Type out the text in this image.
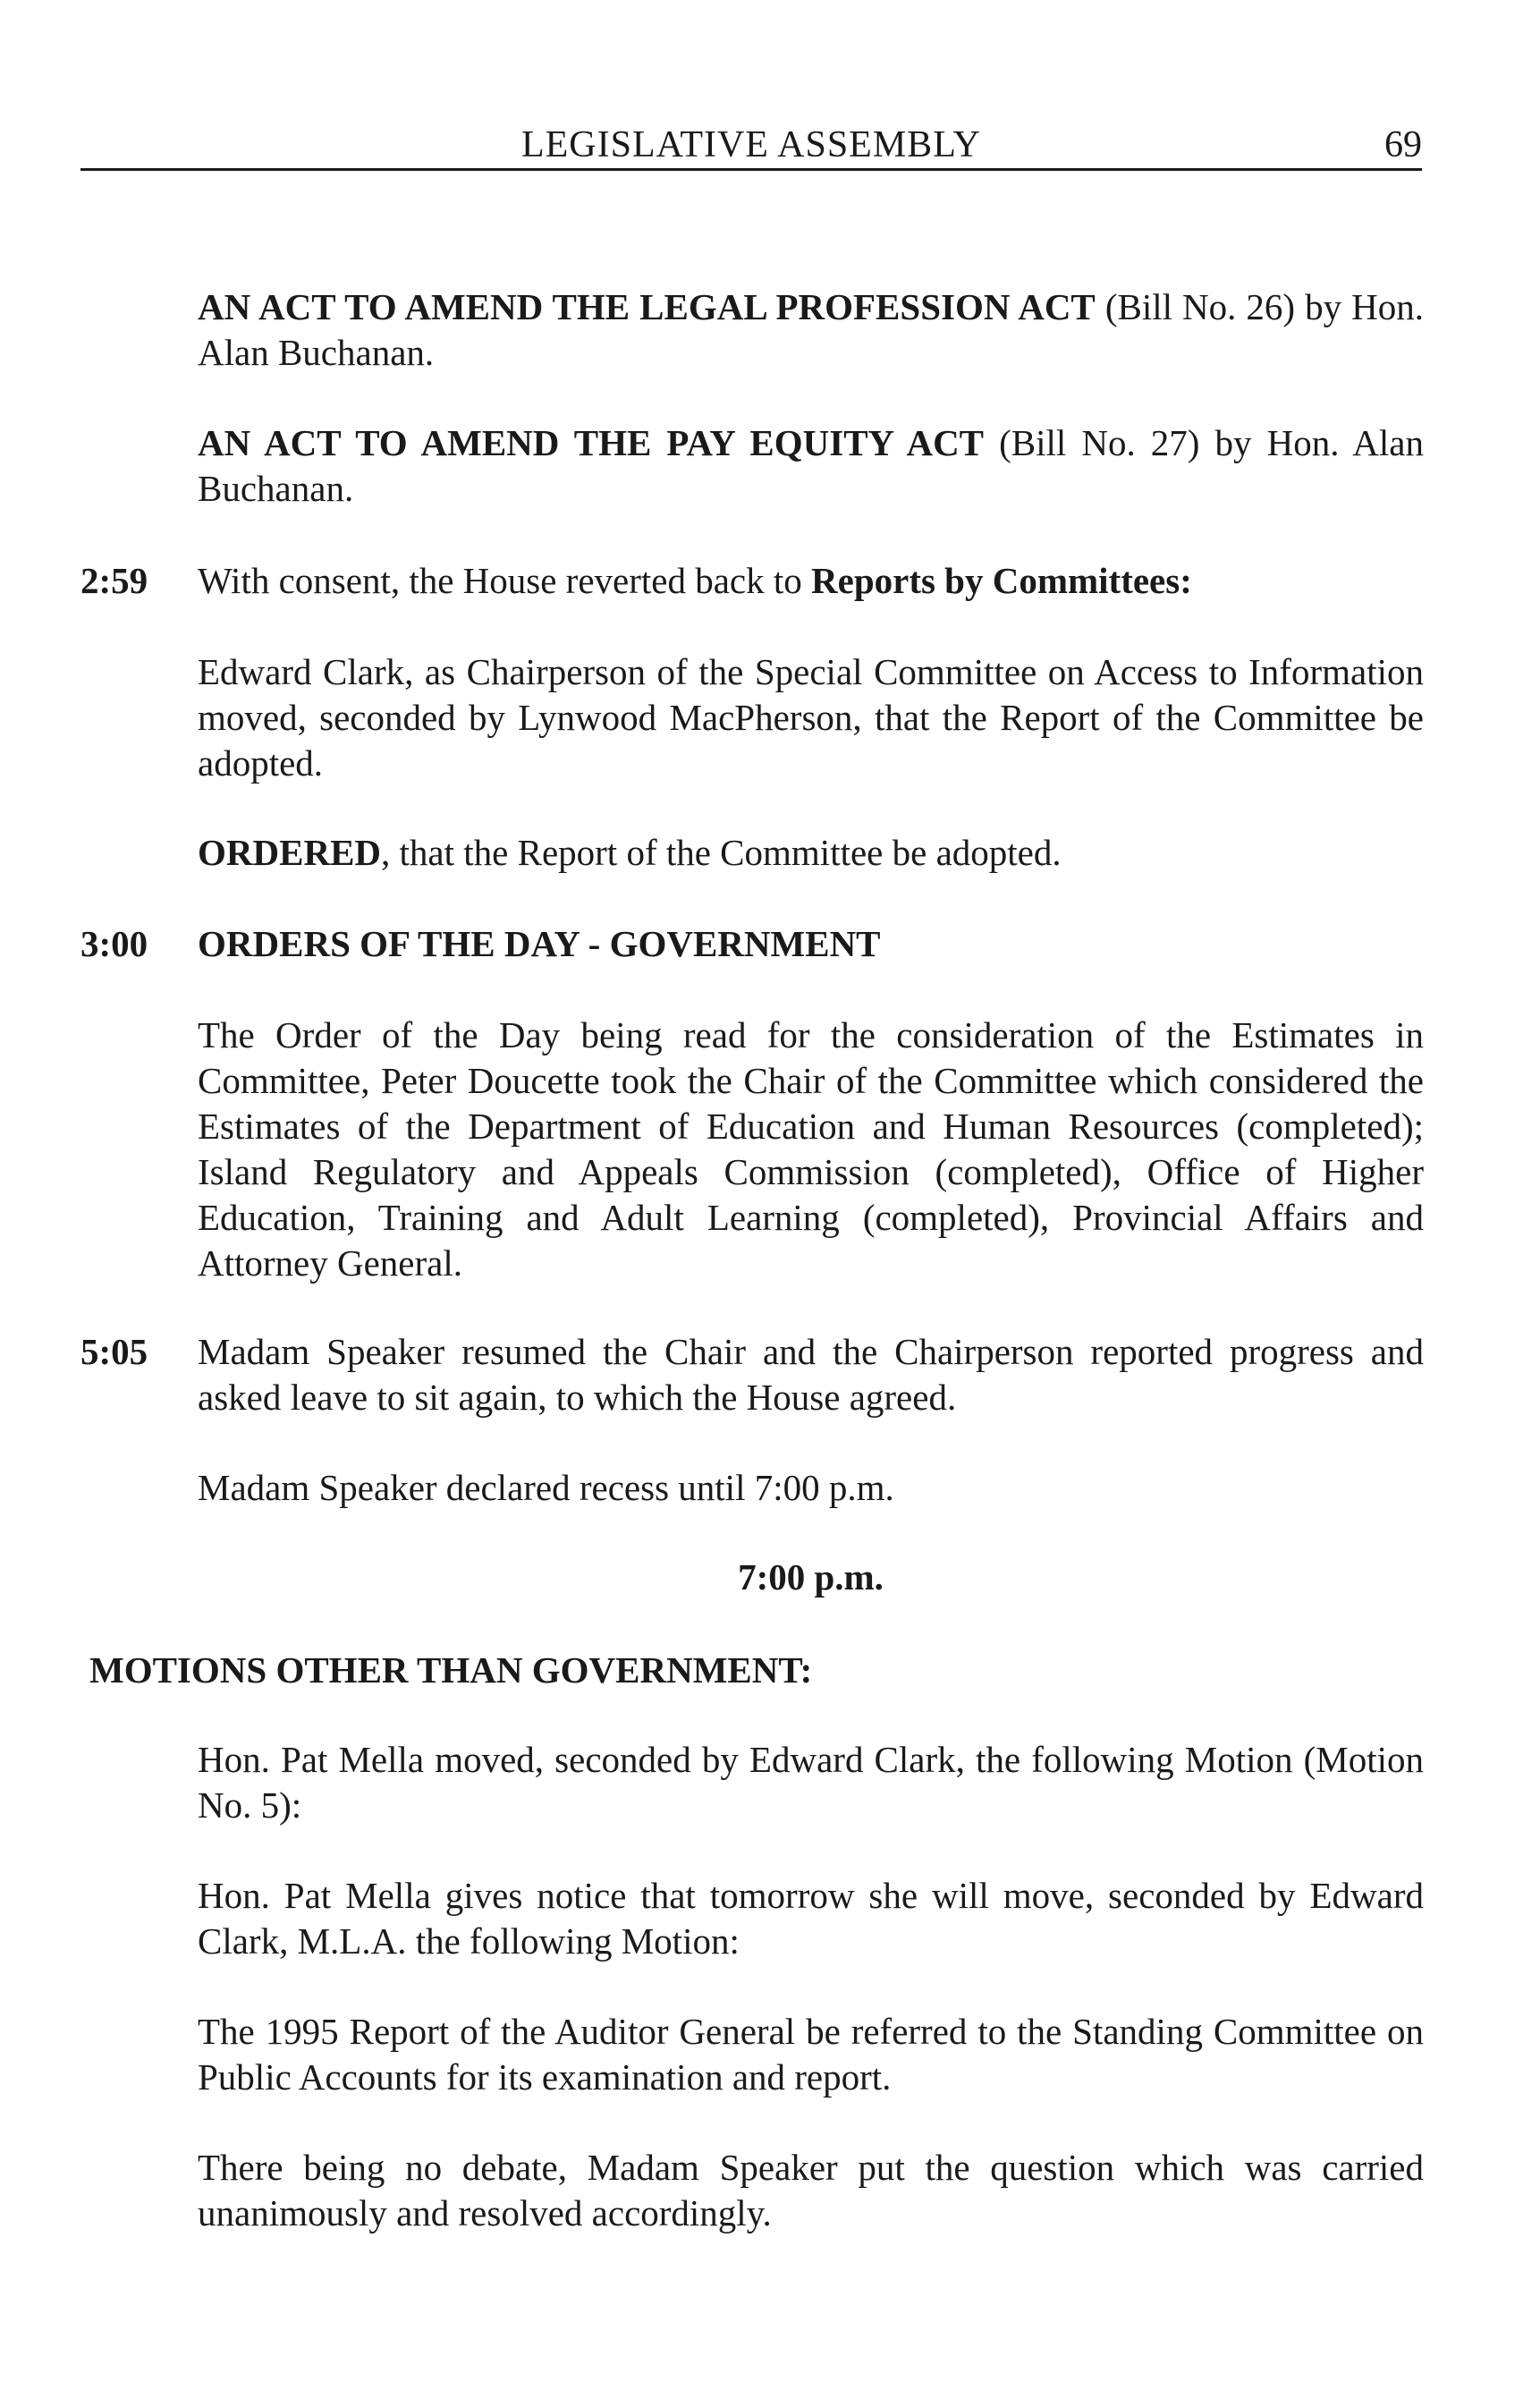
LEGISLATIVE ASSEMBLY	69

AN ACT TO AMEND THE LEGAL PROFESSION ACT (Bill No. 26) by Hon. Alan Buchanan.

AN ACT TO AMEND THE PAY EQUITY ACT (Bill No. 27) by Hon. Alan Buchanan.

2:59 With consent, the House reverted back to Reports by Committees:

Edward Clark, as Chairperson of the Special Committee on Access to Information moved, seconded by Lynwood MacPherson, that the Report of the Committee be adopted.

ORDERED, that the Report of the Committee be adopted.

3:00 ORDERS OF THE DAY - GOVERNMENT

The Order of the Day being read for the consideration of the Estimates in Committee, Peter Doucette took the Chair of the Committee which considered the Estimates of the Department of Education and Human Resources (completed); Island Regulatory and Appeals Commission (completed), Office of Higher Education, Training and Adult Learning (completed), Provincial Affairs and Attorney General.

5:05 Madam Speaker resumed the Chair and the Chairperson reported progress and asked leave to sit again, to which the House agreed.

Madam Speaker declared recess until 7:00 p.m.

7:00 p.m.

MOTIONS OTHER THAN GOVERNMENT:

Hon. Pat Mella moved, seconded by Edward Clark, the following Motion (Motion No. 5):

Hon. Pat Mella gives notice that tomorrow she will move, seconded by Edward Clark, M.L.A. the following Motion:

The 1995 Report of the Auditor General be referred to the Standing Committee on Public Accounts for its examination and report.

There being no debate, Madam Speaker put the question which was carried unanimously and resolved accordingly.
